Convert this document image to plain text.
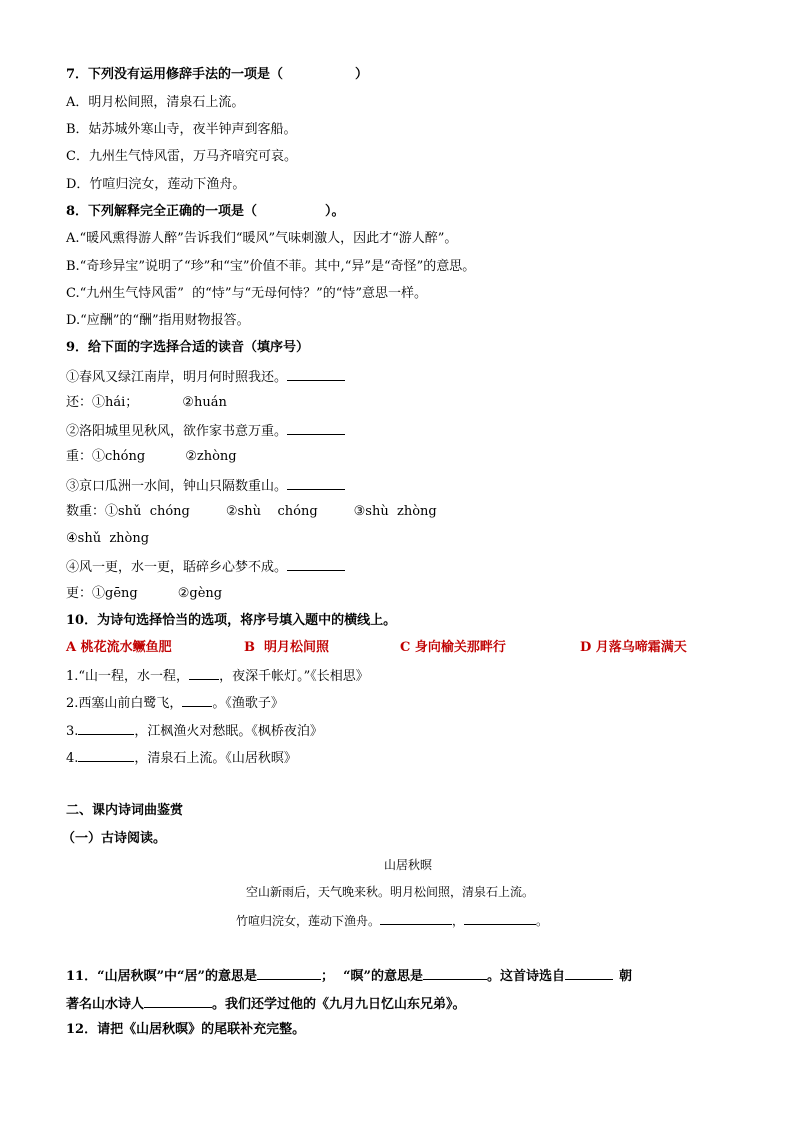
7．下列没有运用修辞手法的一项是（	）
A．明月松间照，清泉石上流。
B．姑苏城外寒山寺，夜半钟声到客船。
C．九州生气恃风雷，万马齐喑究可哀。
D．竹喧归浣女，莲动下渔舟。
8．下列解释完全正确的一项是（	）。
A.“暖风熏得游人醉”告诉我们“暖风”气味刺激人，因此才“游人醉”。
B.“奇珍异宝”说明了“珍”和“宝”价值不菲。其中,“异”是“奇怪”的意思。
C.“九州生气恃风雷”  的“恃”与“无母何恃？”的“恃”意思一样。
D.“应酬”的“酬”指用财物报答。
9．给下面的字选择合适的读音（填序号）
①春风又绿江南岸，明月何时照我还。
还：①hái；	②huán
②洛阳城里见秋风，欲作家书意万重。
重：①chóng	②zhòng
③京口瓜洲一水间，钟山只隔数重山。
数重：①shǔ  chóng	②shù    chóng	③shù  zhòng
④shǔ  zhòng
④风一更，水一更，聒碎乡心梦不成。
更：①gēng	②gèng
10．为诗句选择恰当的选项，将序号填入题中的横线上。
A 桃花流水鳜鱼肥	B  明月松间照	C 身向榆关那畔行	D 月落乌啼霜满天
1.“山一程，水一程， ，夜深千帐灯。”《长相思》
2.西塞山前白鹭飞， 。《渔歌子》
3.	，江枫渔火对愁眠。《枫桥夜泊》
4.	，清泉石上流。《山居秋暝》
二、课内诗词曲鉴赏
（一）古诗阅读。
山居秋暝
空山新雨后，天气晚来秋。明月松间照，清泉石上流。
竹喧归浣女，莲动下渔舟。	，	。
11．“山居秋暝”中“居”的意思是	；  “暝”的意思是	。这首诗选自	朝
著名山水诗人	。我们还学过他的《九月九日忆山东兄弟》。
12．请把《山居秋暝》的尾联补充完整。
